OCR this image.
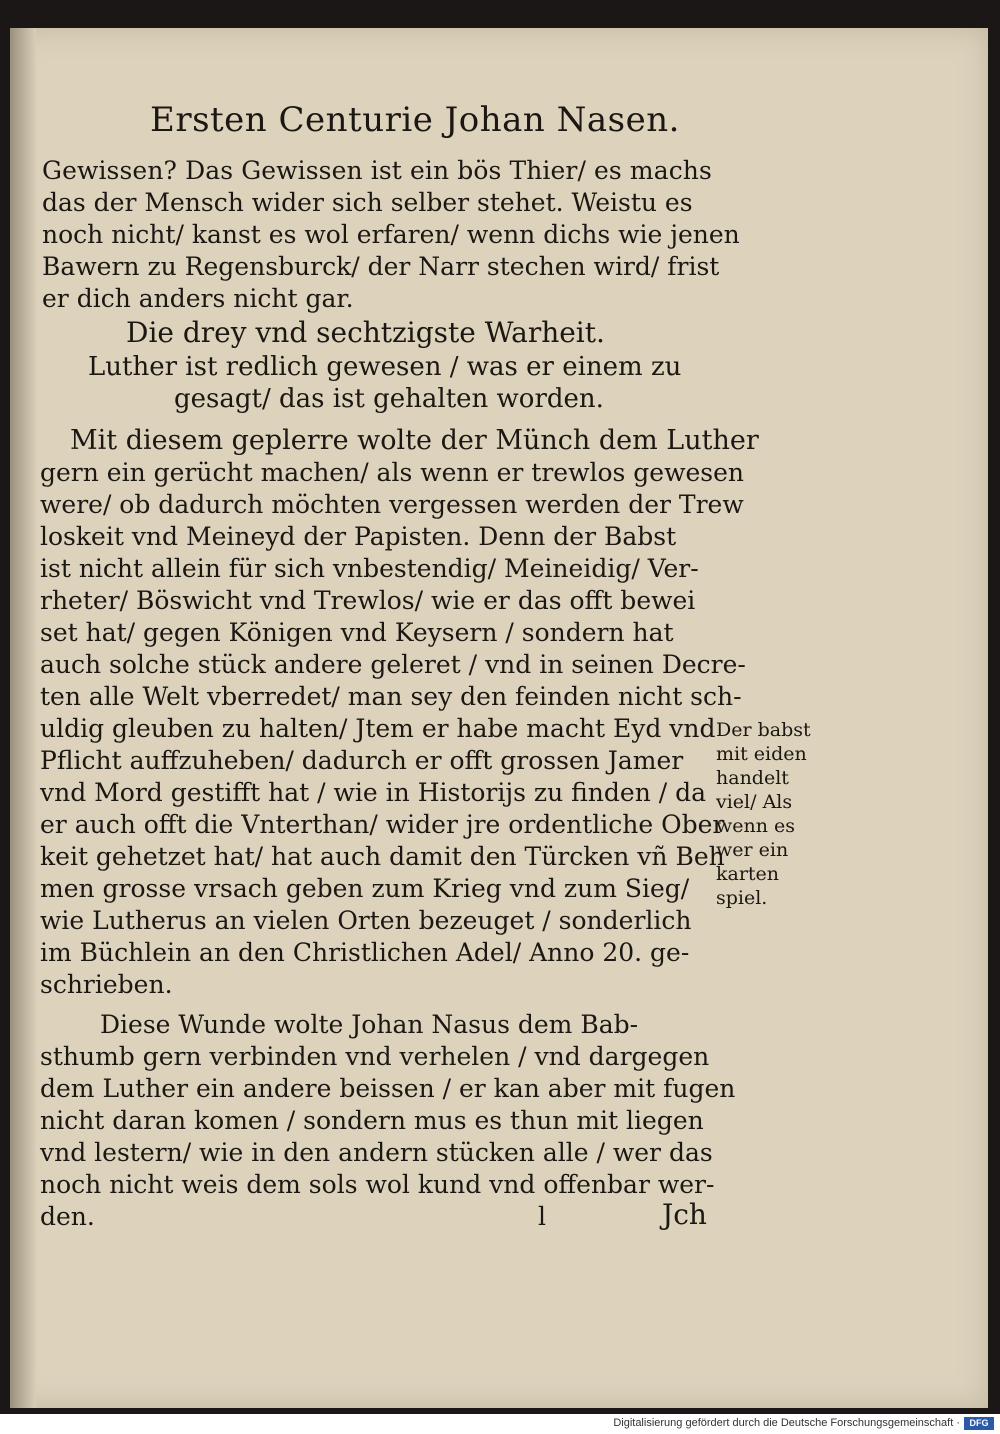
Ersten Centurie Johan Nasen.
Gewissen? Das Gewissen ist ein bös Thier/ es machs
das der Mensch wider sich selber stehet. Weistu es
noch nicht/ kanst es wol erfaren/ wenn dichs wie jenen
Bawern zu Regensburck/ der Narr stechen wird/ frist
er dich anders nicht gar.
Die drey vnd sechtzigste Warheit.
Luther ist redlich gewesen / was er einem zu
gesagt/ das ist gehalten worden.
Mit diesem geplerre wolte der Münch dem Luther
gern ein gerücht machen/ als wenn er trewlos gewesen
were/ ob dadurch möchten vergessen werden der Trew
loskeit vnd Meineyd der Papisten. Denn der Babst
ist nicht allein für sich vnbestendig/ Meineidig/ Ver-
rheter/ Böswicht vnd Trewlos/ wie er das offt bewei
set hat/ gegen Königen vnd Keysern / sondern hat
auch solche stück andere geleret / vnd in seinen Decre-
ten alle Welt vberredet/ man sey den feinden nicht sch-
uldig gleuben zu halten/ Jtem er habe macht Eyd vnd
Pflicht auffzuheben/ dadurch er offt grossen Jamer
vnd Mord gestifft hat / wie in Historijs zu finden / da
er auch offt die Vnterthan/ wider jre ordentliche Ober
keit gehetzet hat/ hat auch damit den Türcken vñ Beh
men grosse vrsach geben zum Krieg vnd zum Sieg/
wie Lutherus an vielen Orten bezeuget / sonderlich
im Büchlein an den Christlichen Adel/ Anno 20. ge-
schrieben.
Der babst
mit eiden
handelt
viel/ Als
wenn es
wer ein
karten
spiel.
Diese Wunde wolte Johan Nasus dem Bab-
sthumb gern verbinden vnd verhelen / vnd dargegen
dem Luther ein andere beissen / er kan aber mit fugen
nicht daran komen / sondern mus es thun mit liegen
vnd lestern/ wie in den andern stücken alle / wer das
noch nicht weis dem sols wol kund vnd offenbar wer-
den.	l	Jch
Digitalisierung gefördert durch die Deutsche Forschungsgemeinschaft ·	DFG
